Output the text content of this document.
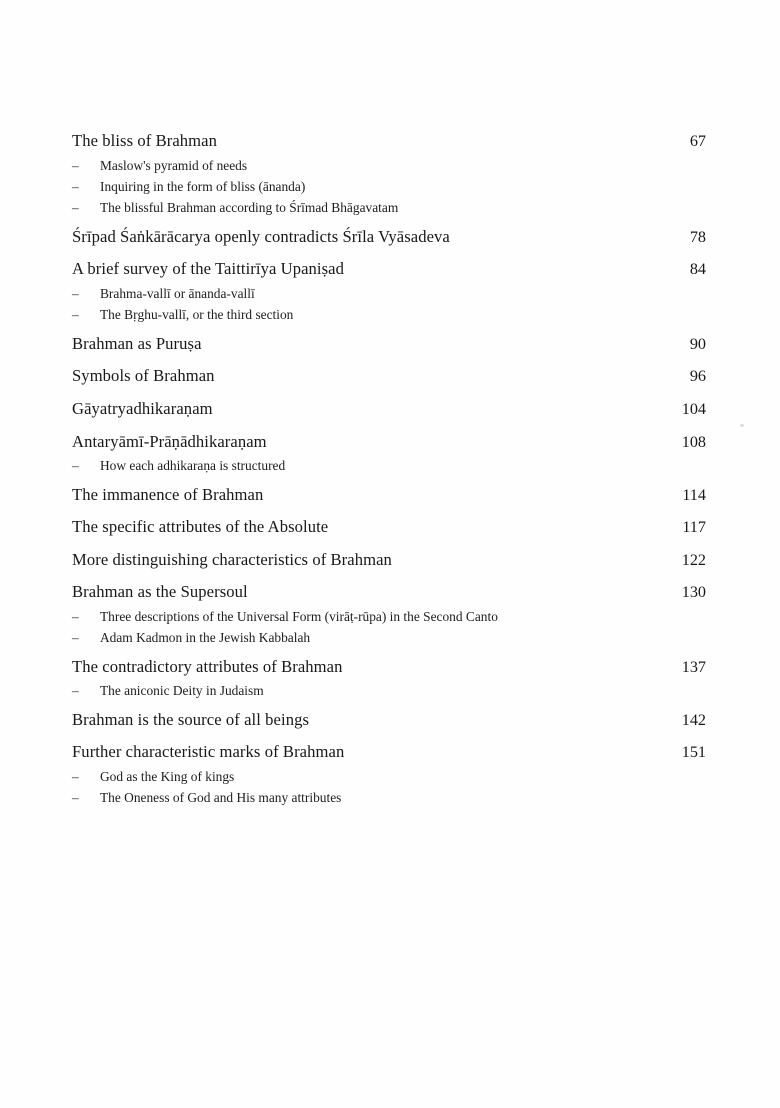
The bliss of Brahman	67
–	Maslow's pyramid of needs
–	Inquiring in the form of bliss (ānanda)
–	The blissful Brahman according to Śrīmad Bhāgavatam
Śrīpad Śaṅkārācarya openly contradicts Śrīla Vyāsadeva	78
A brief survey of the Taittirīya Upaniṣad	84
–	Brahma-vallī or ānanda-vallī
–	The Bṛghu-vallī, or the third section
Brahman as Puruṣa	90
Symbols of Brahman	96
Gāyatryadhikaraṇam	104
Antaryāmī-Prāṇādhikaraṇam	108
–	How each adhikaraṇa is structured
The immanence of Brahman	114
The specific attributes of the Absolute	117
More distinguishing characteristics of Brahman	122
Brahman as the Supersoul	130
–	Three descriptions of the Universal Form (virāṭ-rūpa) in the Second Canto
–	Adam Kadmon in the Jewish Kabbalah
The contradictory attributes of Brahman	137
–	The aniconic Deity in Judaism
Brahman is the source of all beings	142
Further characteristic marks of Brahman	151
–	God as the King of kings
–	The Oneness of God and His many attributes
